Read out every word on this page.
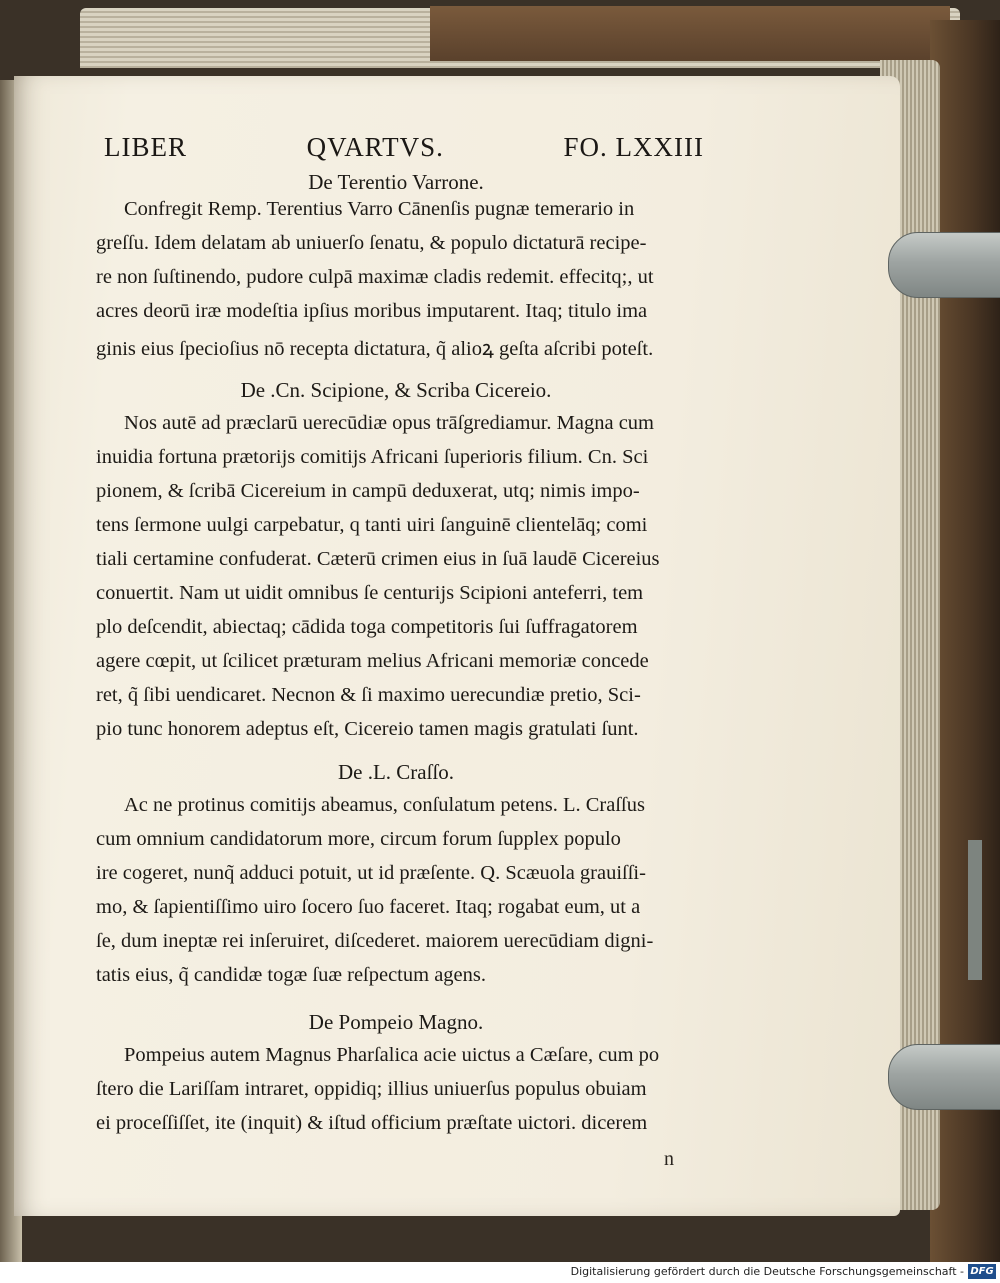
LIBER	QVARTVS.	FO. LXXIII
De Terentio Varrone.
Confregit Remp. Terentius Varro Cānenſis pugnæ temerario in
greſſu. Idem delatam ab uniuerſo ſenatu, & populo dictaturā recipe-
re non ſuſtinendo, pudore culpā maximæ cladis redemit. effecitq;, ut
acres deorū iræ modeſtia ipſius moribus imputarent. Itaq; titulo ima
ginis eius ſpecioſius nō recepta dictatura, q̃ alioꝝ geſta aſcribi poteſt.
De .Cn. Scipione, & Scriba Cicereio.
Nos autē ad præclarū uerecūdiæ opus trāſgrediamur. Magna cum
inuidia fortuna prætorijs comitijs Africani ſuperioris filium. Cn. Sci
pionem, & ſcribā Cicereium in campū deduxerat, utq; nimis impo-
tens ſermone uulgi carpebatur, q tanti uiri ſanguinē clientelāq; comi
tiali certamine confuderat. Cæterū crimen eius in ſuā laudē Cicereius
conuertit. Nam ut uidit omnibus ſe centurijs Scipioni anteferri, tem
plo deſcendit, abiectaq; cādida toga competitoris ſui ſuffragatorem
agere cœpit, ut ſcilicet præturam melius Africani memoriæ concede
ret, q̃ ſibi uendicaret. Necnon & ſi maximo uerecundiæ pretio, Sci-
pio tunc honorem adeptus eſt, Cicereio tamen magis gratulati ſunt.
De .L. Craſſo.
Ac ne protinus comitijs abeamus, conſulatum petens. L. Craſſus
cum omnium candidatorum more, circum forum ſupplex populo
ire cogeret, nunq̃ adduci potuit, ut id præſente. Q. Scæuola grauiſſi-
mo, & ſapientiſſimo uiro ſocero ſuo faceret. Itaq; rogabat eum, ut a
ſe, dum ineptæ rei inſeruiret, diſcederet. maiorem uerecūdiam digni-
tatis eius, q̃ candidæ togæ ſuæ reſpectum agens.
De Pompeio Magno.
Pompeius autem Magnus Pharſalica acie uictus a Cæſare, cum po
ſtero die Lariſſam intraret, oppidiq; illius uniuerſus populus obuiam
ei proceſſiſſet, ite (inquit) & iſtud officium præſtate uictori. dicerem
n
Digitalisierung gefördert durch die Deutsche Forschungsgemeinschaft - DFG
